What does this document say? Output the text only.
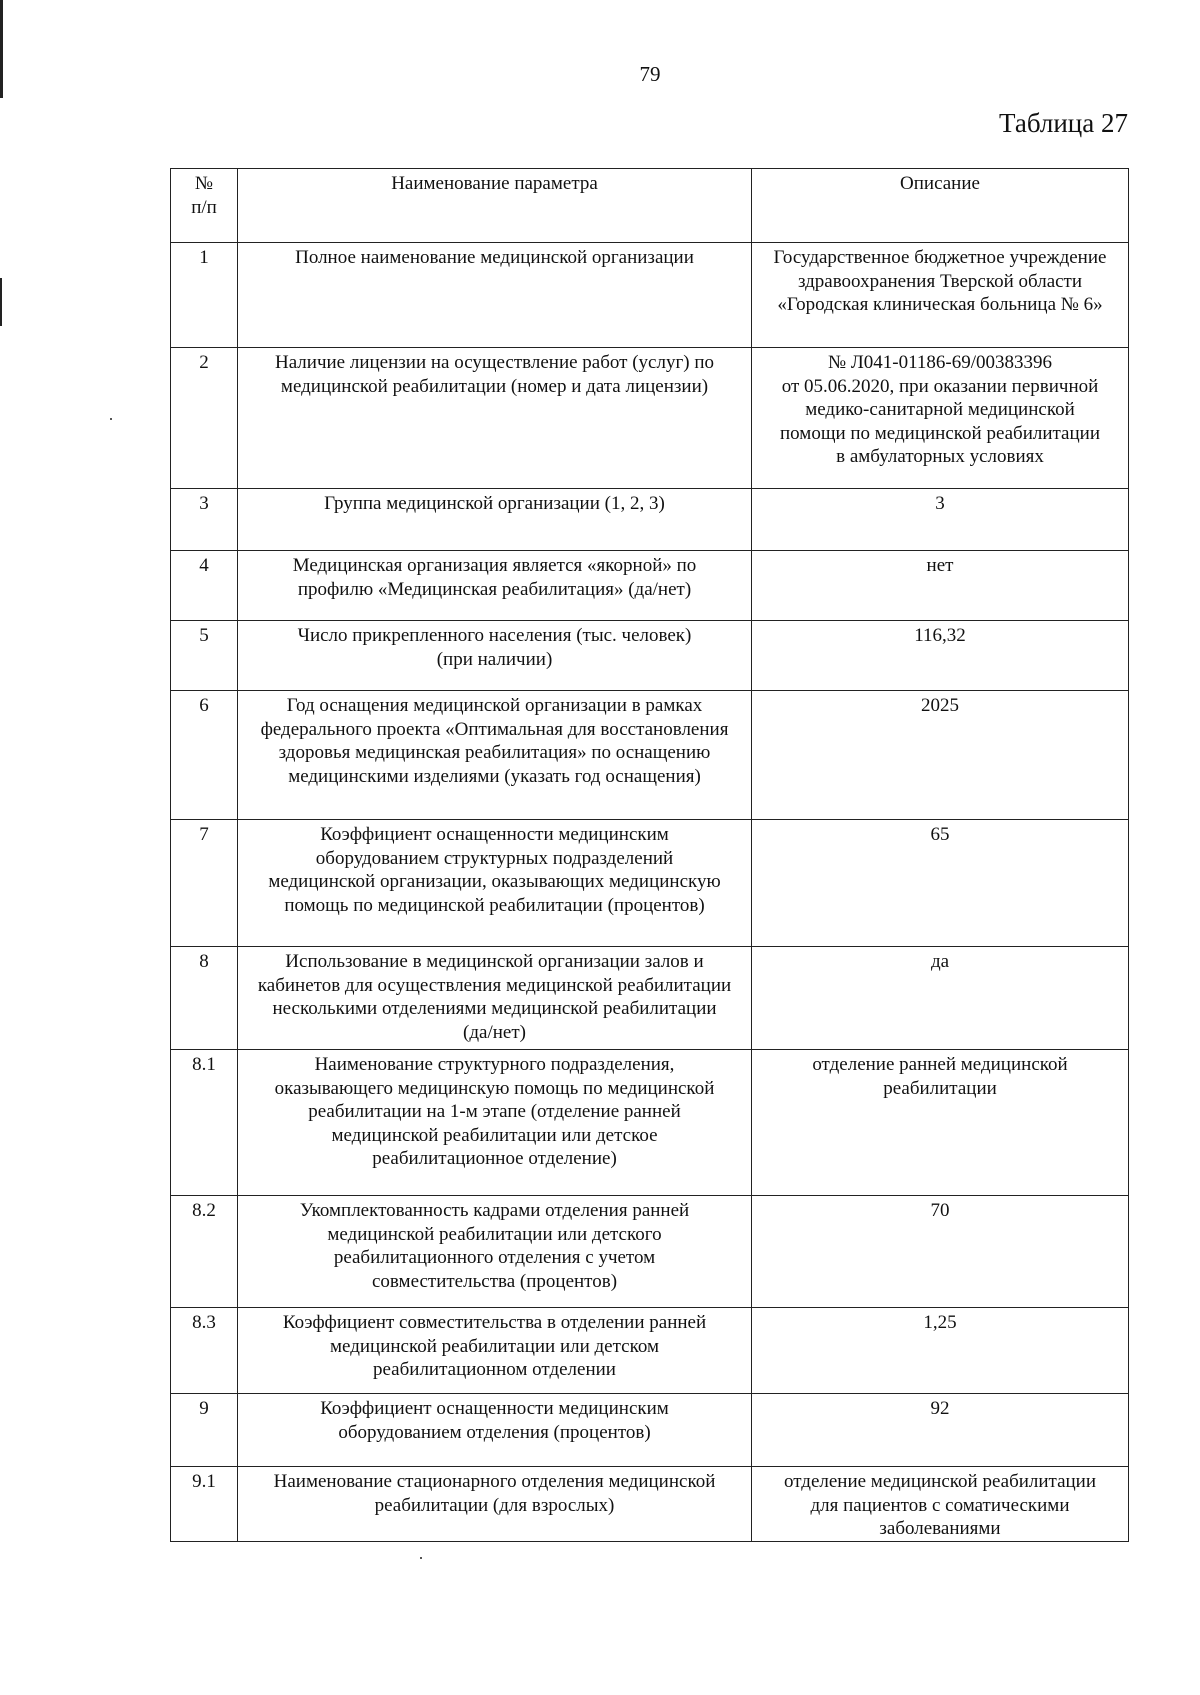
79
Таблица 27
№
п/п	Наименование параметра	Описание
1	Полное наименование медицинской организации	Государственное бюджетное учреждение
здравоохранения Тверской области
«Городская клиническая больница № 6»
2	Наличие лицензии на осуществление работ (услуг) по
медицинской реабилитации (номер и дата лицензии)	№ Л041-01186-69/00383396
от 05.06.2020, при оказании первичной
медико-санитарной медицинской
помощи по медицинской реабилитации
в амбулаторных условиях
3	Группа медицинской организации (1, 2, 3)	3
4	Медицинская организация является «якорной» по
профилю «Медицинская реабилитация» (да/нет)	нет
5	Число прикрепленного населения (тыс. человек)
(при наличии)	116,32
6	Год оснащения медицинской организации в рамках
федерального проекта «Оптимальная для восстановления
здоровья медицинская реабилитация» по оснащению
медицинскими изделиями (указать год оснащения)	2025
7	Коэффициент оснащенности медицинским
оборудованием структурных подразделений
медицинской организации, оказывающих медицинскую
помощь по медицинской реабилитации (процентов)	65
8	Использование в медицинской организации залов и
кабинетов для осуществления медицинской реабилитации
несколькими отделениями медицинской реабилитации
(да/нет)	да
8.1	Наименование структурного подразделения,
оказывающего медицинскую помощь по медицинской
реабилитации на 1-м этапе (отделение ранней
медицинской реабилитации или детское
реабилитационное отделение)	отделение ранней медицинской
реабилитации
8.2	Укомплектованность кадрами отделения ранней
медицинской реабилитации или детского
реабилитационного отделения с учетом
совместительства (процентов)	70
8.3	Коэффициент совместительства в отделении ранней
медицинской реабилитации или детском
реабилитационном отделении	1,25
9	Коэффициент оснащенности медицинским
оборудованием отделения (процентов)	92
9.1	Наименование стационарного отделения медицинской
реабилитации (для взрослых)	отделение медицинской реабилитации
для пациентов с соматическими
заболеваниями
